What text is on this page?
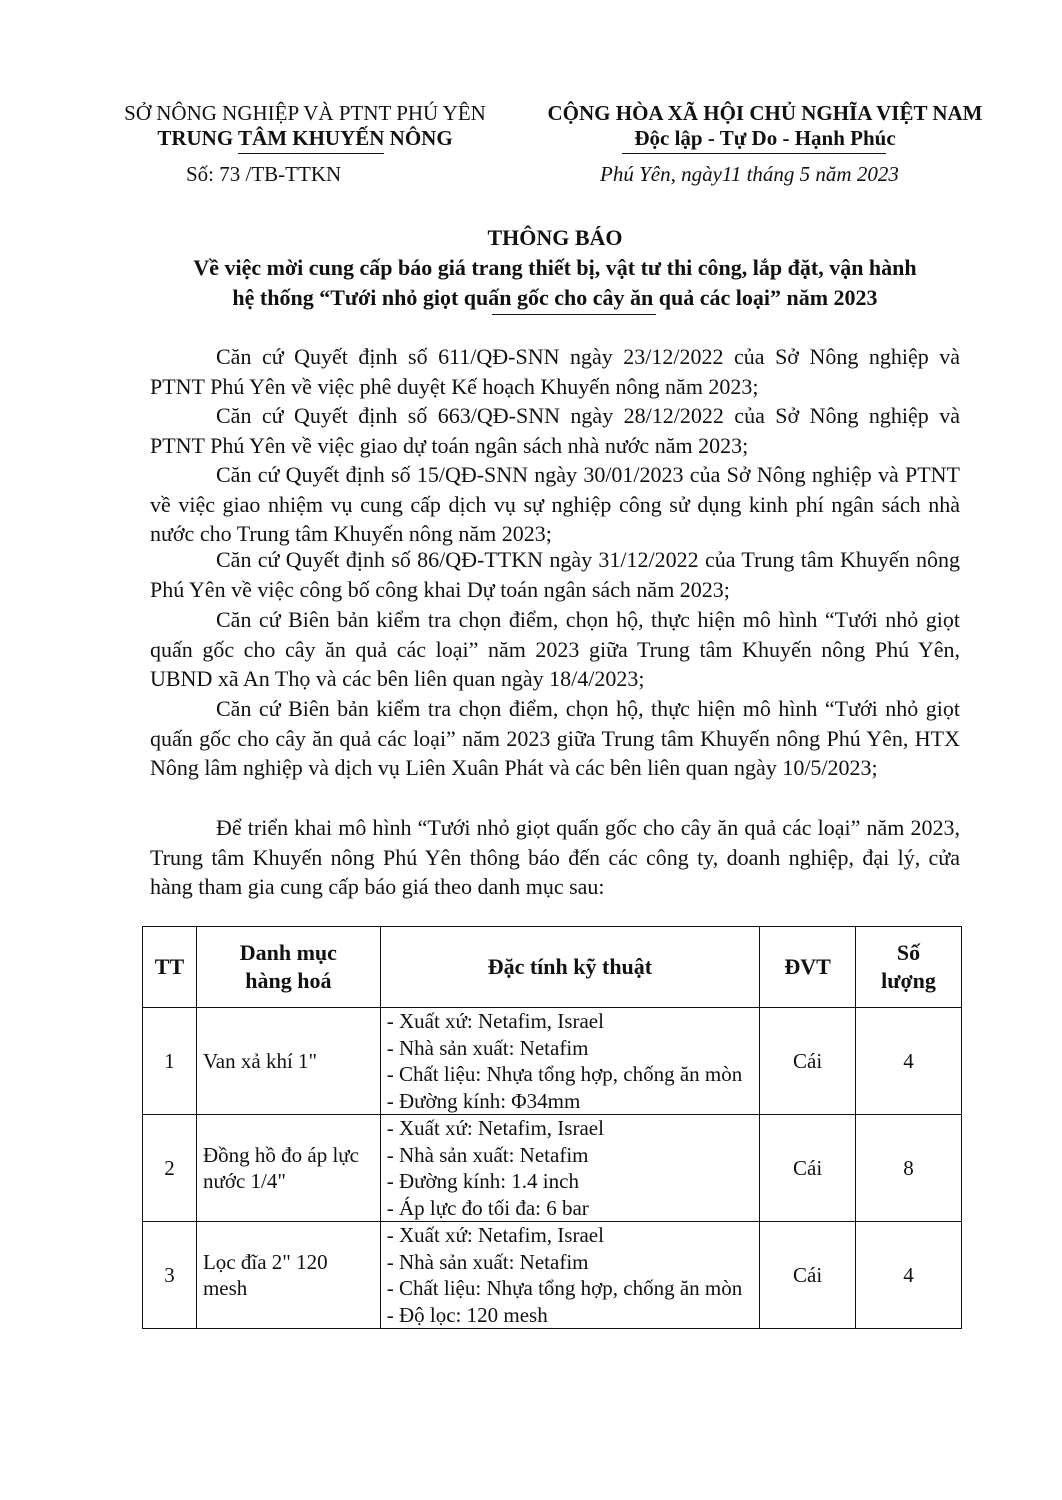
SỞ NÔNG NGHIỆP VÀ PTNT PHÚ YÊN
TRUNG TÂM KHUYẾN NÔNG
Số: 73 /TB-TTKN
CỘNG HÒA XÃ HỘI CHỦ NGHĨA VIỆT NAM
Độc lập - Tự Do - Hạnh Phúc
Phú Yên, ngày11 tháng 5 năm 2023
THÔNG BÁO
Về việc mời cung cấp báo giá trang thiết bị, vật tư thi công, lắp đặt, vận hành
hệ thống “Tưới nhỏ giọt quấn gốc cho cây ăn quả các loại” năm 2023
Căn cứ Quyết định số 611/QĐ-SNN ngày 23/12/2022 của Sở Nông nghiệp và PTNT Phú Yên về việc phê duyệt Kế hoạch Khuyến nông năm 2023;
Căn cứ Quyết định số 663/QĐ-SNN ngày 28/12/2022 của Sở Nông nghiệp và PTNT Phú Yên về việc giao dự toán ngân sách nhà nước năm 2023;
Căn cứ Quyết định số 15/QĐ-SNN ngày 30/01/2023 của Sở Nông nghiệp và PTNT về việc giao nhiệm vụ cung cấp dịch vụ sự nghiệp công sử dụng kinh phí ngân sách nhà nước cho Trung tâm Khuyến nông năm 2023;
Căn cứ Quyết định số 86/QĐ-TTKN ngày 31/12/2022 của Trung tâm Khuyến nông Phú Yên về việc công bố công khai Dự toán ngân sách năm 2023;
Căn cứ Biên bản kiểm tra chọn điểm, chọn hộ, thực hiện mô hình “Tưới nhỏ giọt quấn gốc cho cây ăn quả các loại” năm 2023 giữa Trung tâm Khuyến nông Phú Yên, UBND xã An Thọ và các bên liên quan ngày 18/4/2023;
Căn cứ Biên bản kiểm tra chọn điểm, chọn hộ, thực hiện mô hình “Tưới nhỏ giọt quấn gốc cho cây ăn quả các loại” năm 2023 giữa Trung tâm Khuyến nông Phú Yên, HTX Nông lâm nghiệp và dịch vụ Liên Xuân Phát và các bên liên quan ngày 10/5/2023;
Để triển khai mô hình “Tưới nhỏ giọt quấn gốc cho cây ăn quả các loại” năm 2023, Trung tâm Khuyến nông Phú Yên thông báo đến các công ty, doanh nghiệp, đại lý, cửa hàng tham gia cung cấp báo giá theo danh mục sau:
TT	Danh mục
hàng hoá	Đặc tính kỹ thuật	ĐVT	Số
lượng
1	Van xả khí 1"	- Xuất xứ: Netafim, Israel
- Nhà sản xuất: Netafim
- Chất liệu: Nhựa tổng hợp, chống ăn mòn
- Đường kính: Φ34mm	Cái	4
2	Đồng hồ đo áp lực nước 1/4"	- Xuất xứ: Netafim, Israel
- Nhà sản xuất: Netafim
- Đường kính: 1.4 inch
- Áp lực đo tối đa: 6 bar	Cái	8
3	Lọc đĩa 2" 120 mesh	- Xuất xứ: Netafim, Israel
- Nhà sản xuất: Netafim
- Chất liệu: Nhựa tổng hợp, chống ăn mòn
- Độ lọc: 120 mesh	Cái	4
